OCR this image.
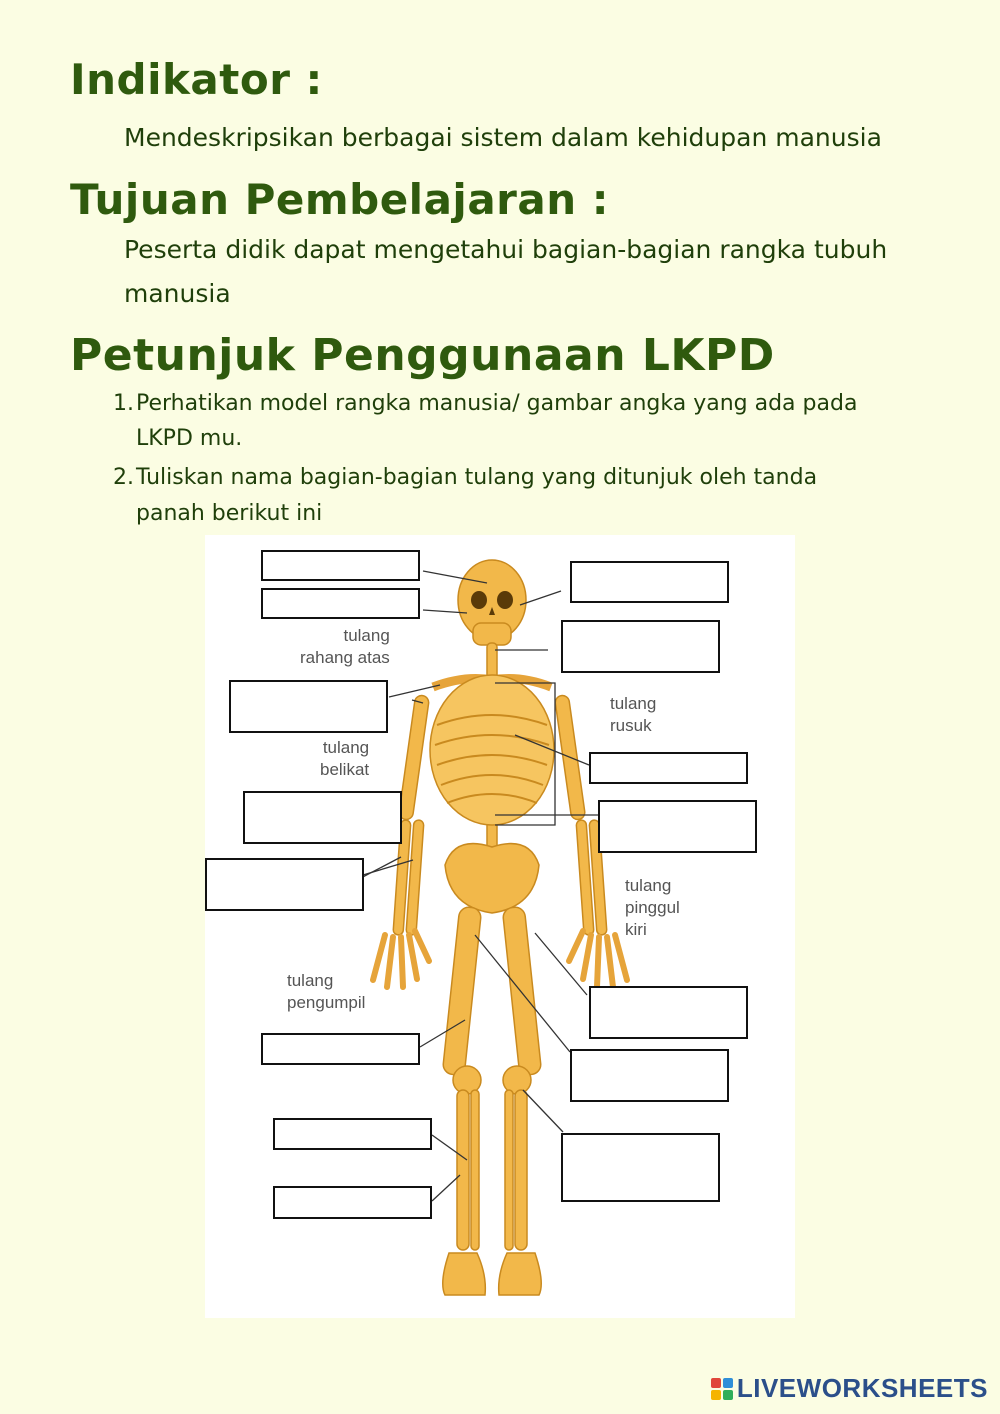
Indikator :

Mendeskripsikan berbagai sistem dalam kehidupan manusia

Tujuan Pembelajaran :

Peserta didik dapat mengetahui bagian-bagian rangka tubuh manusia

Petunjuk Penggunaan LKPD
1. Perhatikan model rangka manusia/ gambar angka yang ada pada LKPD mu.
2. Tuliskan nama bagian-bagian tulang yang ditunjuk oleh tanda panah berikut ini
tulang
rahang atas
tulang
rusuk
tulang
belikat
tulang
pinggul
kiri
tulang
pengumpil
LIVEWORKSHEETS
